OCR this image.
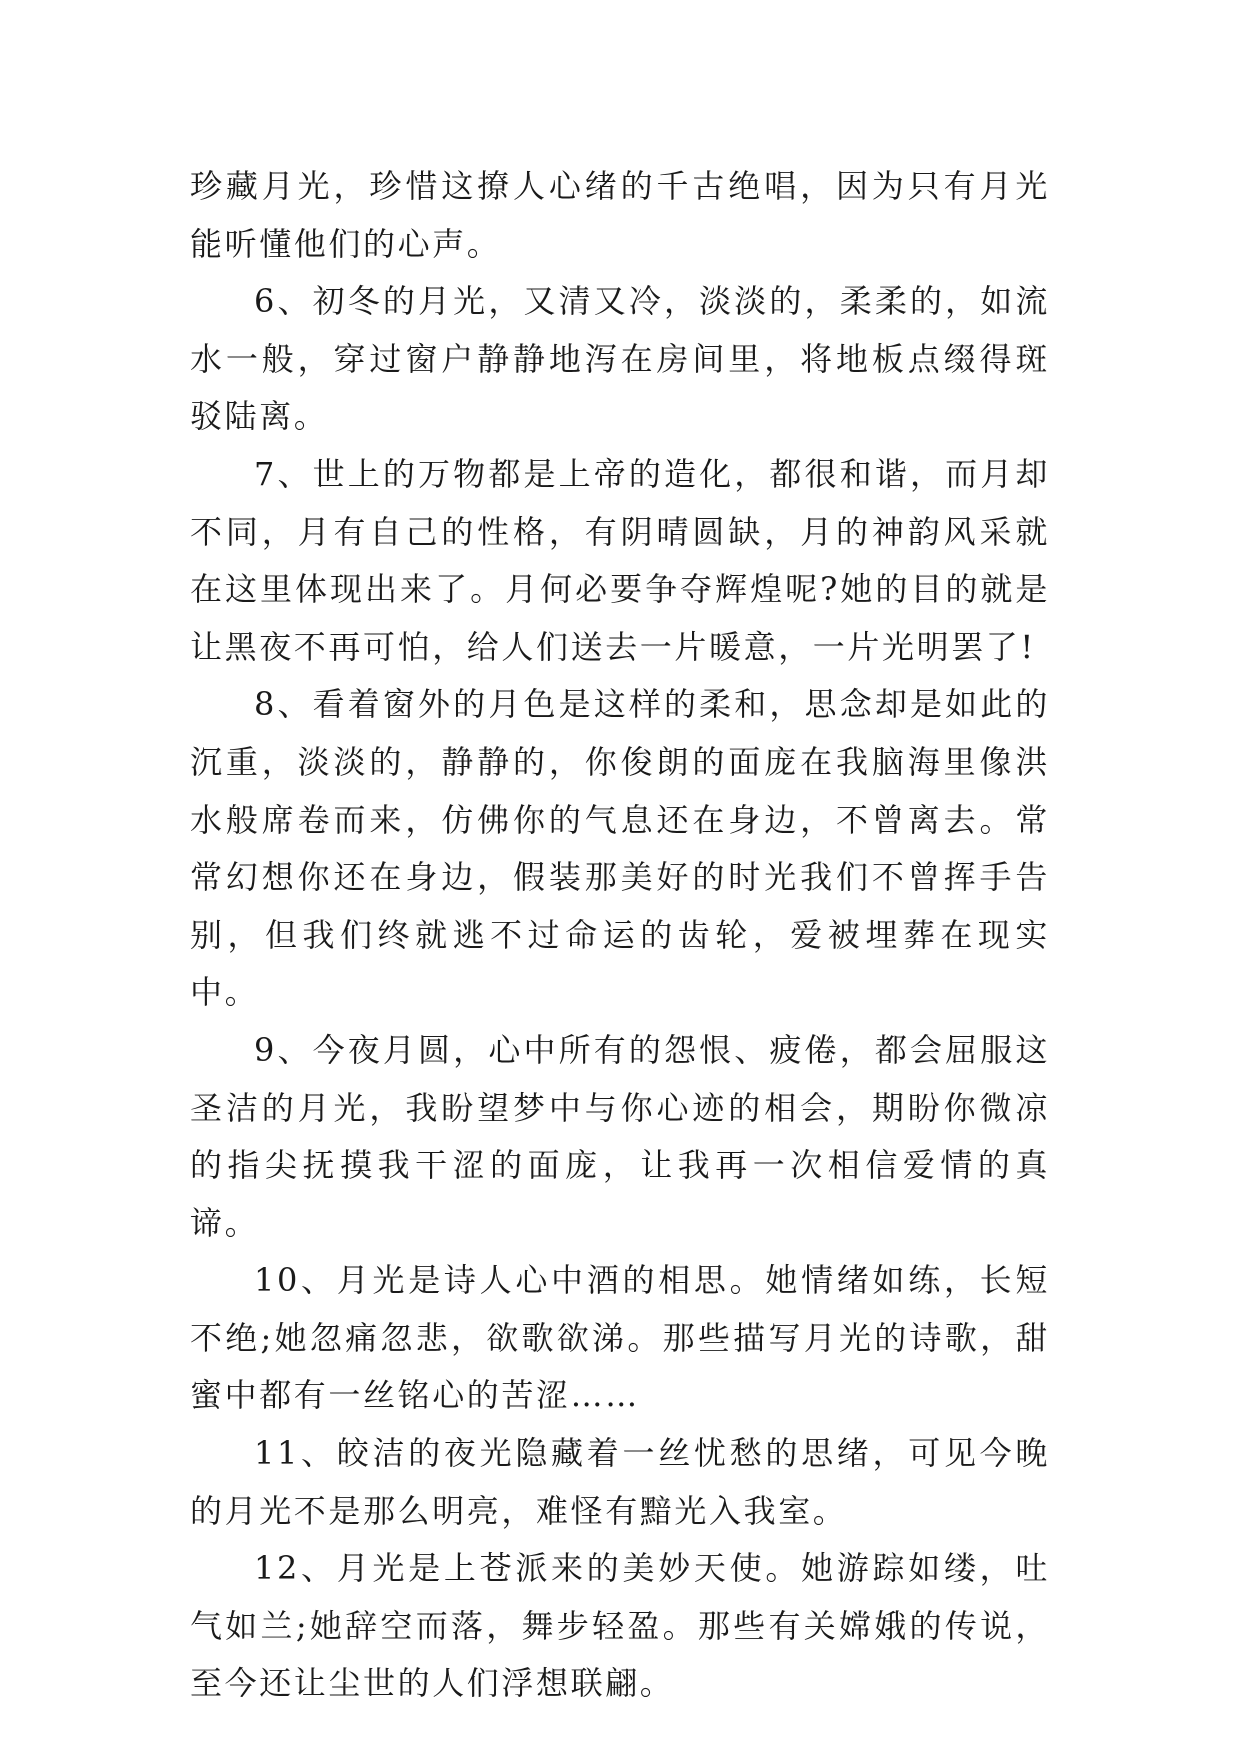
珍藏月光，珍惜这撩人心绪的千古绝唱，因为只有月光能听懂他们的心声。

6、初冬的月光，又清又冷，淡淡的，柔柔的，如流水一般，穿过窗户静静地泻在房间里，将地板点缀得斑驳陆离。

7、世上的万物都是上帝的造化，都很和谐，而月却不同，月有自己的性格，有阴晴圆缺，月的神韵风采就在这里体现出来了。月何必要争夺辉煌呢?她的目的就是让黑夜不再可怕，给人们送去一片暖意，一片光明罢了!

8、看着窗外的月色是这样的柔和，思念却是如此的沉重，淡淡的，静静的，你俊朗的面庞在我脑海里像洪水般席卷而来，仿佛你的气息还在身边，不曾离去。常常幻想你还在身边，假装那美好的时光我们不曾挥手告别，但我们终就逃不过命运的齿轮，爱被埋葬在现实中。

9、今夜月圆，心中所有的怨恨、疲倦，都会屈服这圣洁的月光，我盼望梦中与你心迹的相会，期盼你微凉的指尖抚摸我干涩的面庞，让我再一次相信爱情的真谛。

10、月光是诗人心中酒的相思。她情绪如练，长短不绝;她忽痛忽悲，欲歌欲涕。那些描写月光的诗歌，甜蜜中都有一丝铭心的苦涩……

11、皎洁的夜光隐藏着一丝忧愁的思绪，可见今晚的月光不是那么明亮，难怪有黯光入我室。

12、月光是上苍派来的美妙天使。她游踪如缕，吐气如兰;她辞空而落，舞步轻盈。那些有关嫦娥的传说，至今还让尘世的人们浮想联翩。
